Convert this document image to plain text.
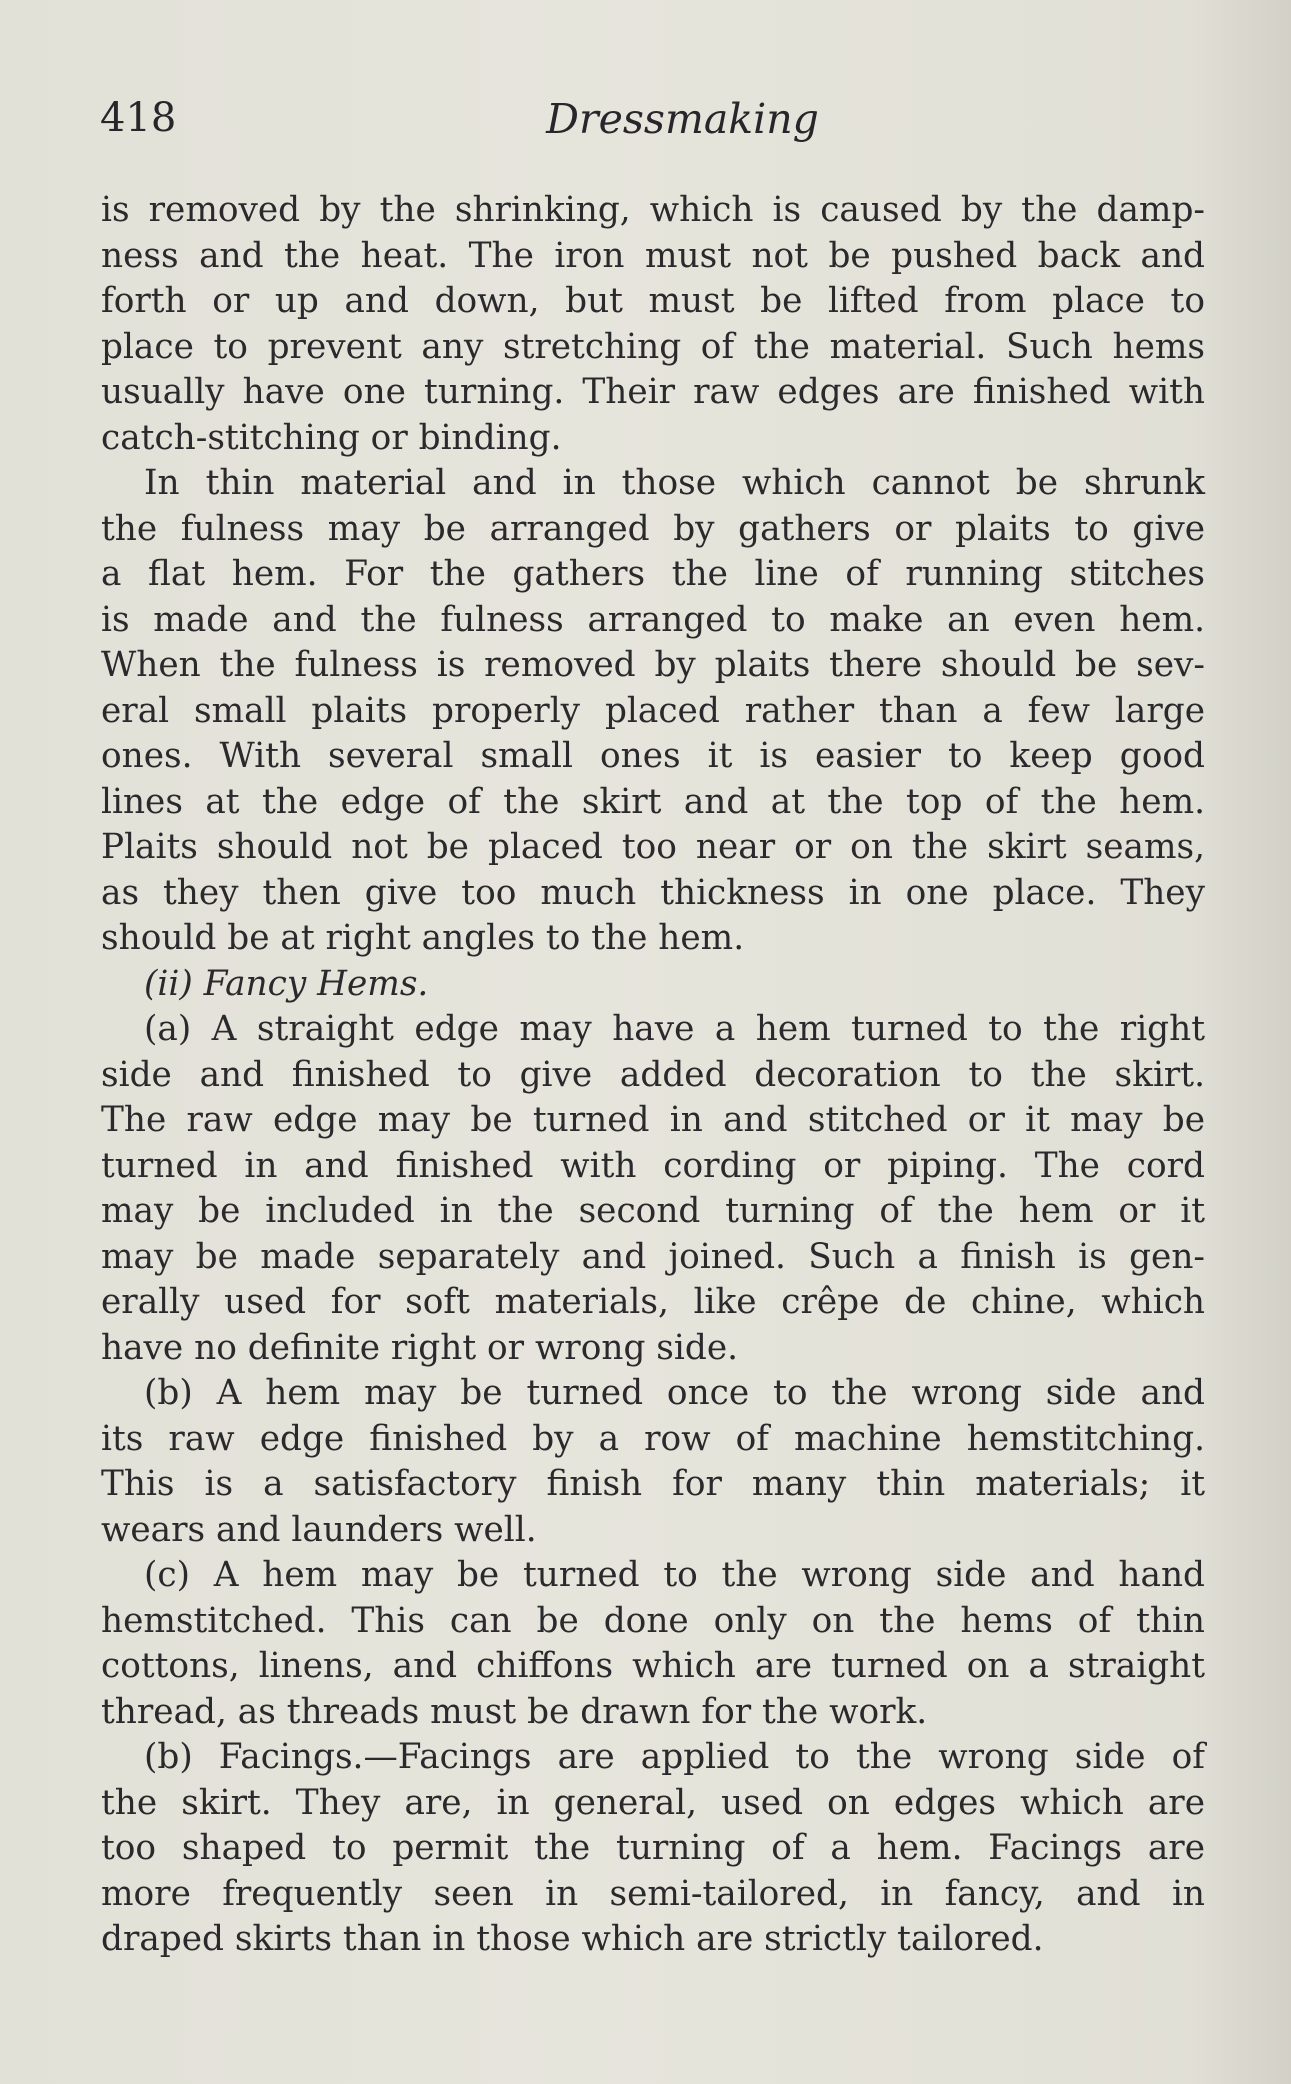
418	Dressmaking
is removed by the shrinking, which is caused by the damp-
ness and the heat. The iron must not be pushed back and
forth or up and down, but must be lifted from place to
place to prevent any stretching of the material. Such hems
usually have one turning. Their raw edges are finished with
catch-stitching or binding.
In thin material and in those which cannot be shrunk
the fulness may be arranged by gathers or plaits to give
a flat hem. For the gathers the line of running stitches
is made and the fulness arranged to make an even hem.
When the fulness is removed by plaits there should be sev-
eral small plaits properly placed rather than a few large
ones. With several small ones it is easier to keep good
lines at the edge of the skirt and at the top of the hem.
Plaits should not be placed too near or on the skirt seams,
as they then give too much thickness in one place. They
should be at right angles to the hem.
(ii) Fancy Hems.
(a) A straight edge may have a hem turned to the right
side and finished to give added decoration to the skirt.
The raw edge may be turned in and stitched or it may be
turned in and finished with cording or piping. The cord
may be included in the second turning of the hem or it
may be made separately and joined. Such a finish is gen-
erally used for soft materials, like crêpe de chine, which
have no definite right or wrong side.
(b) A hem may be turned once to the wrong side and
its raw edge finished by a row of machine hemstitching.
This is a satisfactory finish for many thin materials; it
wears and launders well.
(c) A hem may be turned to the wrong side and hand
hemstitched. This can be done only on the hems of thin
cottons, linens, and chiffons which are turned on a straight
thread, as threads must be drawn for the work.
(b) Facings.—Facings are applied to the wrong side of
the skirt. They are, in general, used on edges which are
too shaped to permit the turning of a hem. Facings are
more frequently seen in semi-tailored, in fancy, and in
draped skirts than in those which are strictly tailored.
